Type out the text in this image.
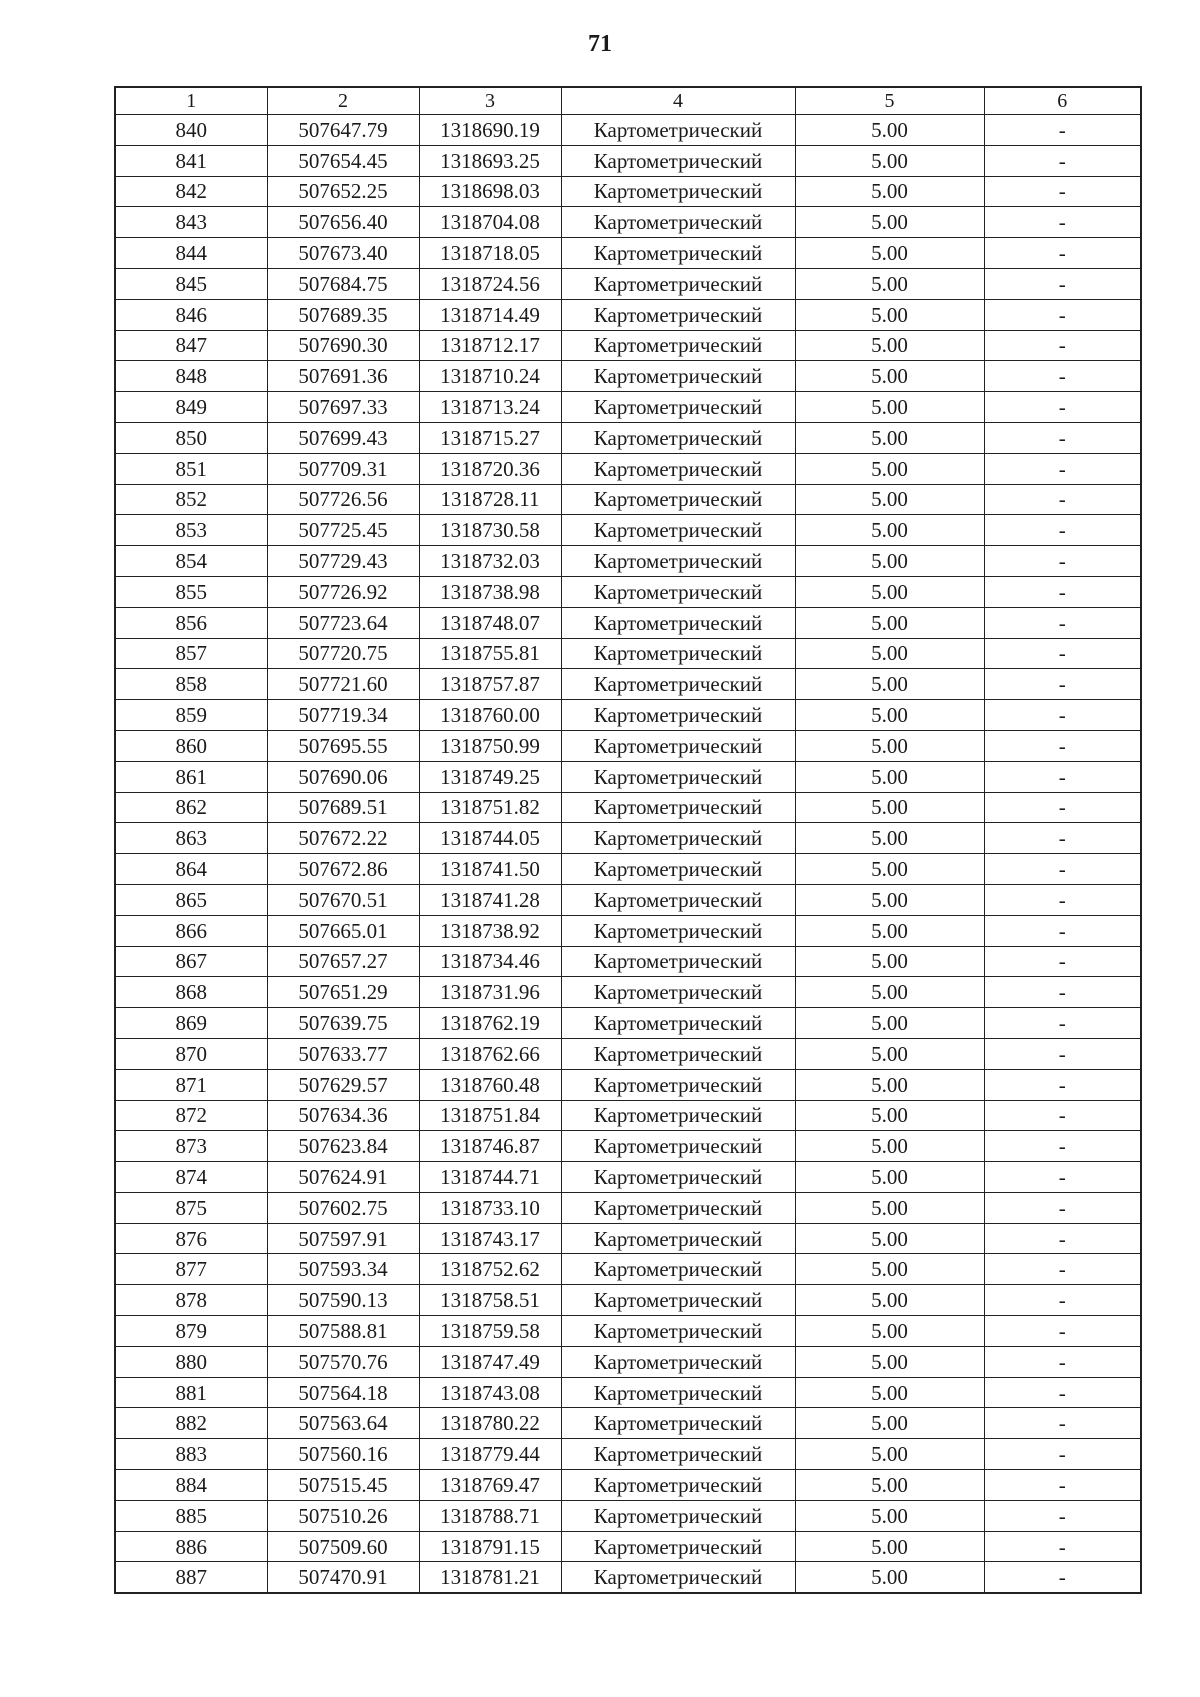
71
1	2	3	4	5	6
840	507647.79	1318690.19	Картометрический	5.00	-
841	507654.45	1318693.25	Картометрический	5.00	-
842	507652.25	1318698.03	Картометрический	5.00	-
843	507656.40	1318704.08	Картометрический	5.00	-
844	507673.40	1318718.05	Картометрический	5.00	-
845	507684.75	1318724.56	Картометрический	5.00	-
846	507689.35	1318714.49	Картометрический	5.00	-
847	507690.30	1318712.17	Картометрический	5.00	-
848	507691.36	1318710.24	Картометрический	5.00	-
849	507697.33	1318713.24	Картометрический	5.00	-
850	507699.43	1318715.27	Картометрический	5.00	-
851	507709.31	1318720.36	Картометрический	5.00	-
852	507726.56	1318728.11	Картометрический	5.00	-
853	507725.45	1318730.58	Картометрический	5.00	-
854	507729.43	1318732.03	Картометрический	5.00	-
855	507726.92	1318738.98	Картометрический	5.00	-
856	507723.64	1318748.07	Картометрический	5.00	-
857	507720.75	1318755.81	Картометрический	5.00	-
858	507721.60	1318757.87	Картометрический	5.00	-
859	507719.34	1318760.00	Картометрический	5.00	-
860	507695.55	1318750.99	Картометрический	5.00	-
861	507690.06	1318749.25	Картометрический	5.00	-
862	507689.51	1318751.82	Картометрический	5.00	-
863	507672.22	1318744.05	Картометрический	5.00	-
864	507672.86	1318741.50	Картометрический	5.00	-
865	507670.51	1318741.28	Картометрический	5.00	-
866	507665.01	1318738.92	Картометрический	5.00	-
867	507657.27	1318734.46	Картометрический	5.00	-
868	507651.29	1318731.96	Картометрический	5.00	-
869	507639.75	1318762.19	Картометрический	5.00	-
870	507633.77	1318762.66	Картометрический	5.00	-
871	507629.57	1318760.48	Картометрический	5.00	-
872	507634.36	1318751.84	Картометрический	5.00	-
873	507623.84	1318746.87	Картометрический	5.00	-
874	507624.91	1318744.71	Картометрический	5.00	-
875	507602.75	1318733.10	Картометрический	5.00	-
876	507597.91	1318743.17	Картометрический	5.00	-
877	507593.34	1318752.62	Картометрический	5.00	-
878	507590.13	1318758.51	Картометрический	5.00	-
879	507588.81	1318759.58	Картометрический	5.00	-
880	507570.76	1318747.49	Картометрический	5.00	-
881	507564.18	1318743.08	Картометрический	5.00	-
882	507563.64	1318780.22	Картометрический	5.00	-
883	507560.16	1318779.44	Картометрический	5.00	-
884	507515.45	1318769.47	Картометрический	5.00	-
885	507510.26	1318788.71	Картометрический	5.00	-
886	507509.60	1318791.15	Картометрический	5.00	-
887	507470.91	1318781.21	Картометрический	5.00	-
